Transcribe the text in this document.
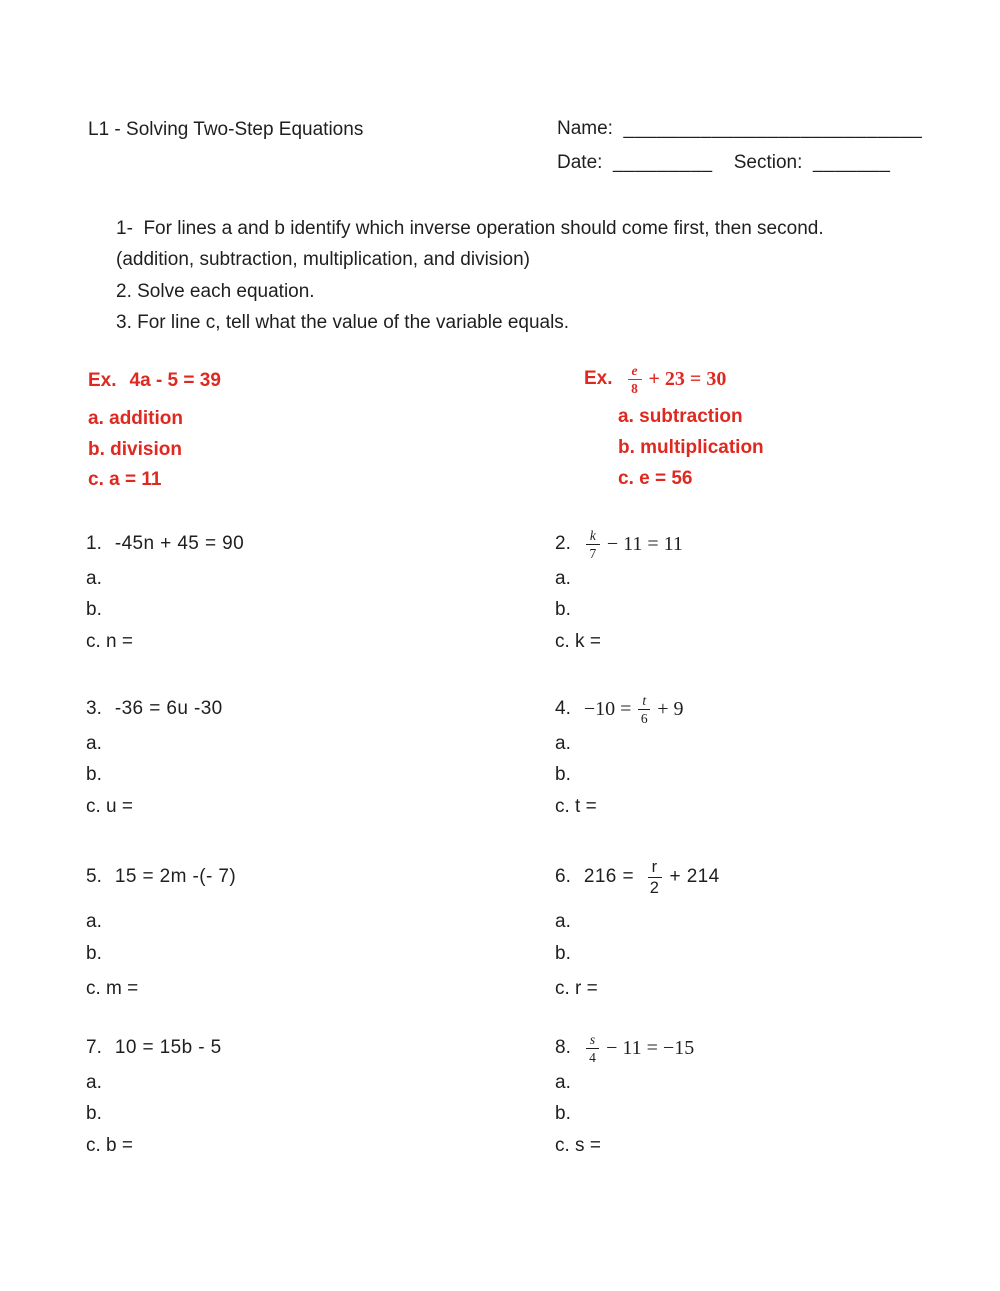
L1 - Solving Two-Step Equations	Name: ___________________________
Date: _________ Section: _______
1-  For lines a and b identify which inverse operation should come first, then second.
(addition, subtraction, multiplication, and division)
2. Solve each equation.
3. For line c, tell what the value of the variable equals.
Ex. 4a - 5 = 39
a. addition
b. division
c. a = 11
Ex. $\frac{e}{8} + 23 = 30$
a. subtraction
b. multiplication
c. e = 56
1. -45n + 45 = 90
a.
b.
c. n =
2. $\frac{k}{7} - 11 = 11$
a.
b.
c. k =
3. -36 = 6u -30
a.
b.
c. u =
4. $-10 = \frac{t}{6} + 9$
a.
b.
c. t =
5. 15 = 2m -(- 7)
a.
b.
c. m =
6. $216 = \frac{r}{2} + 214$
a.
b.
c. r =
7. 10 = 15b - 5
a.
b.
c. b =
8. $\frac{s}{4} - 11 = -15$
a.
b.
c. s =
